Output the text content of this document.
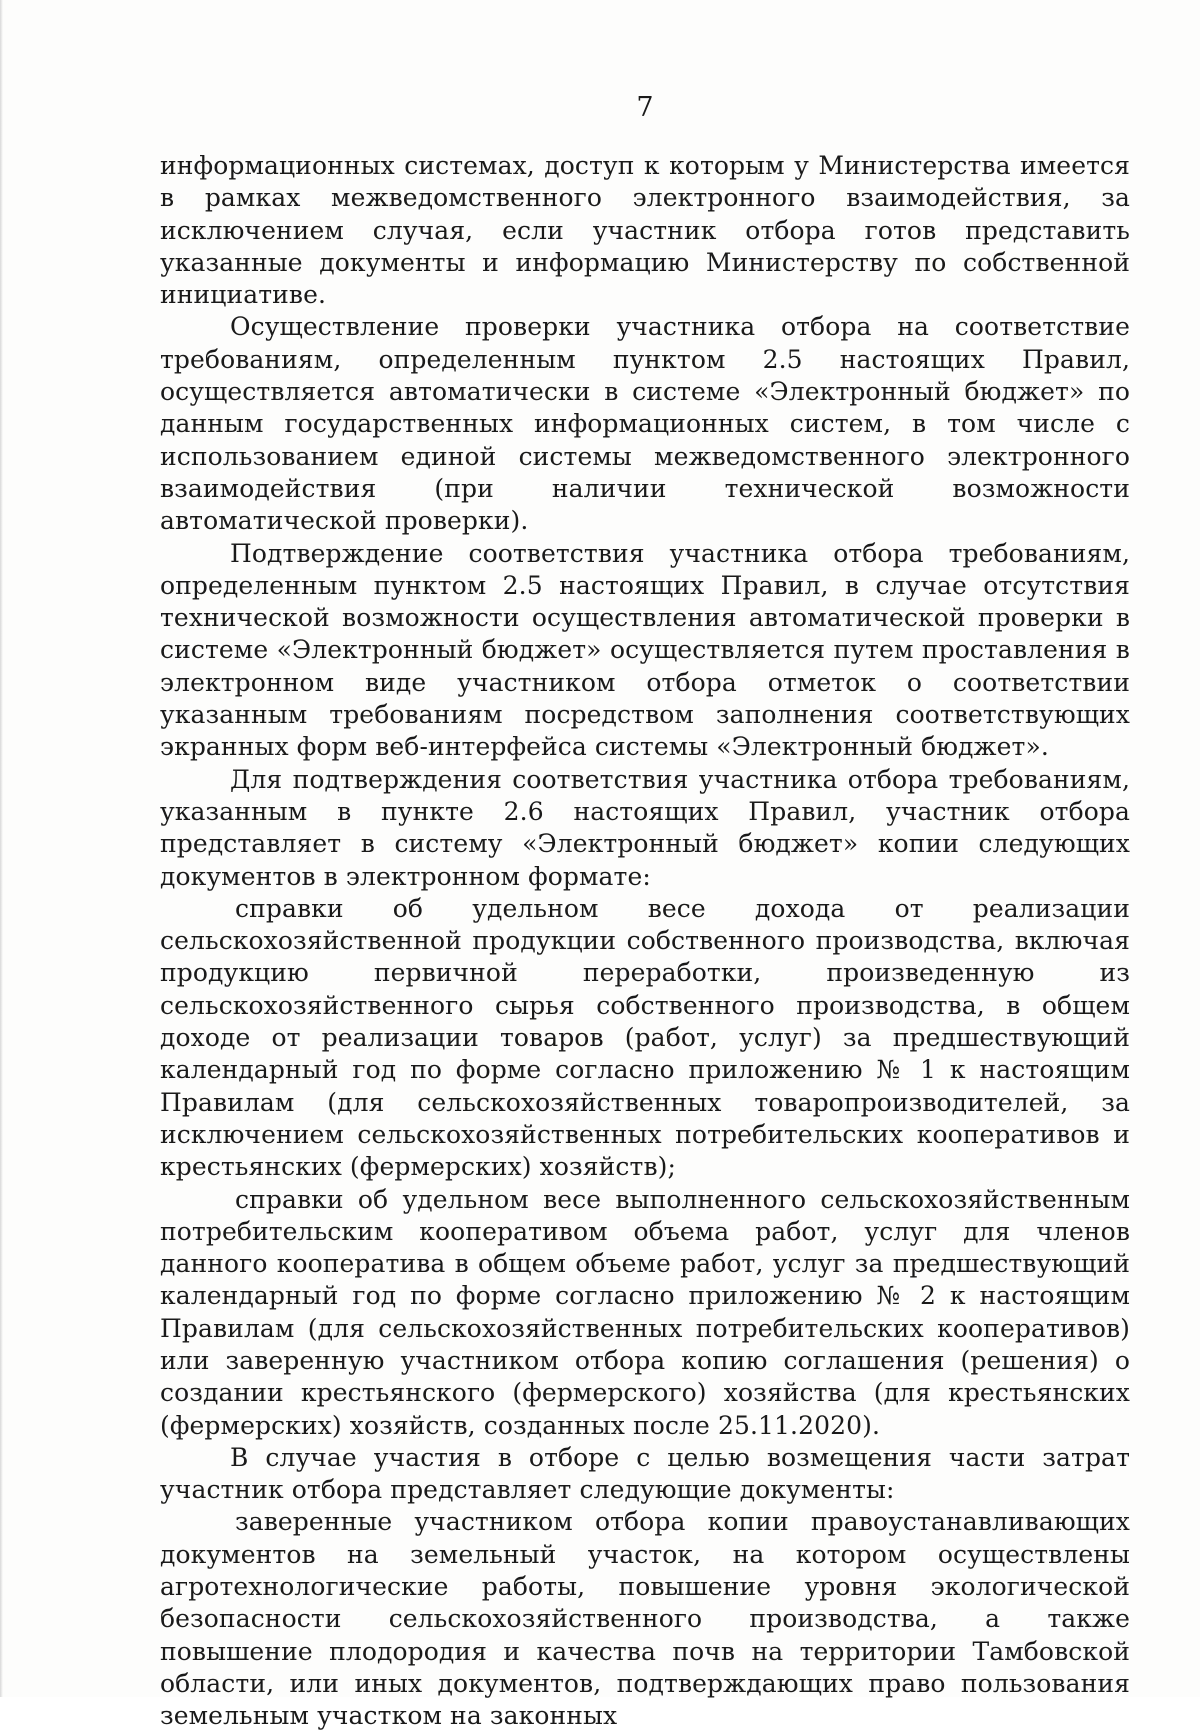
7

информационных системах, доступ к которым у Министерства имеется в рамках межведомственного электронного взаимодействия, за исключением случая, если участник отбора готов представить указанные документы и информацию Министерству по собственной инициативе.

Осуществление проверки участника отбора на соответствие требованиям, определенным пунктом 2.5 настоящих Правил, осуществляется автоматически в системе «Электронный бюджет» по данным государственных информационных систем, в том числе с использованием единой системы межведомственного электронного взаимодействия (при наличии технической возможности автоматической проверки).

Подтверждение соответствия участника отбора требованиям, определенным пунктом 2.5 настоящих Правил, в случае отсутствия технической возможности осуществления автоматической проверки в системе «Электронный бюджет» осуществляется путем проставления в электронном виде участником отбора отметок о соответствии указанным требованиям посредством заполнения соответствующих экранных форм веб-интерфейса системы «Электронный бюджет».

Для подтверждения соответствия участника отбора требованиям, указанным в пункте 2.6 настоящих Правил, участник отбора представляет в систему «Электронный бюджет» копии следующих документов в электронном формате:

справки об удельном весе дохода от реализации сельскохозяйственной продукции собственного производства, включая продукцию первичной переработки, произведенную из сельскохозяйственного сырья собственного производства, в общем доходе от реализации товаров (работ, услуг) за предшествующий календарный год по форме согласно приложению № 1 к настоящим Правилам (для сельскохозяйственных товаропроизводителей, за исключением сельскохозяйственных потребительских кооперативов и крестьянских (фермерских) хозяйств);

справки об удельном весе выполненного сельскохозяйственным потребительским кооперативом объема работ, услуг для членов данного кооператива в общем объеме работ, услуг за предшествующий календарный год по форме согласно приложению № 2 к настоящим Правилам (для сельскохозяйственных потребительских кооперативов) или заверенную участником отбора копию соглашения (решения) о создании крестьянского (фермерского) хозяйства (для крестьянских (фермерских) хозяйств, созданных после 25.11.2020).

В случае участия в отборе с целью возмещения части затрат участник отбора представляет следующие документы:

заверенные участником отбора копии правоустанавливающих документов на земельный участок, на котором осуществлены агротехнологические работы, повышение уровня экологической безопасности сельскохозяйственного производства, а также повышение плодородия и качества почв на территории Тамбовской области, или иных документов, подтверждающих право пользования земельным участком на законных
